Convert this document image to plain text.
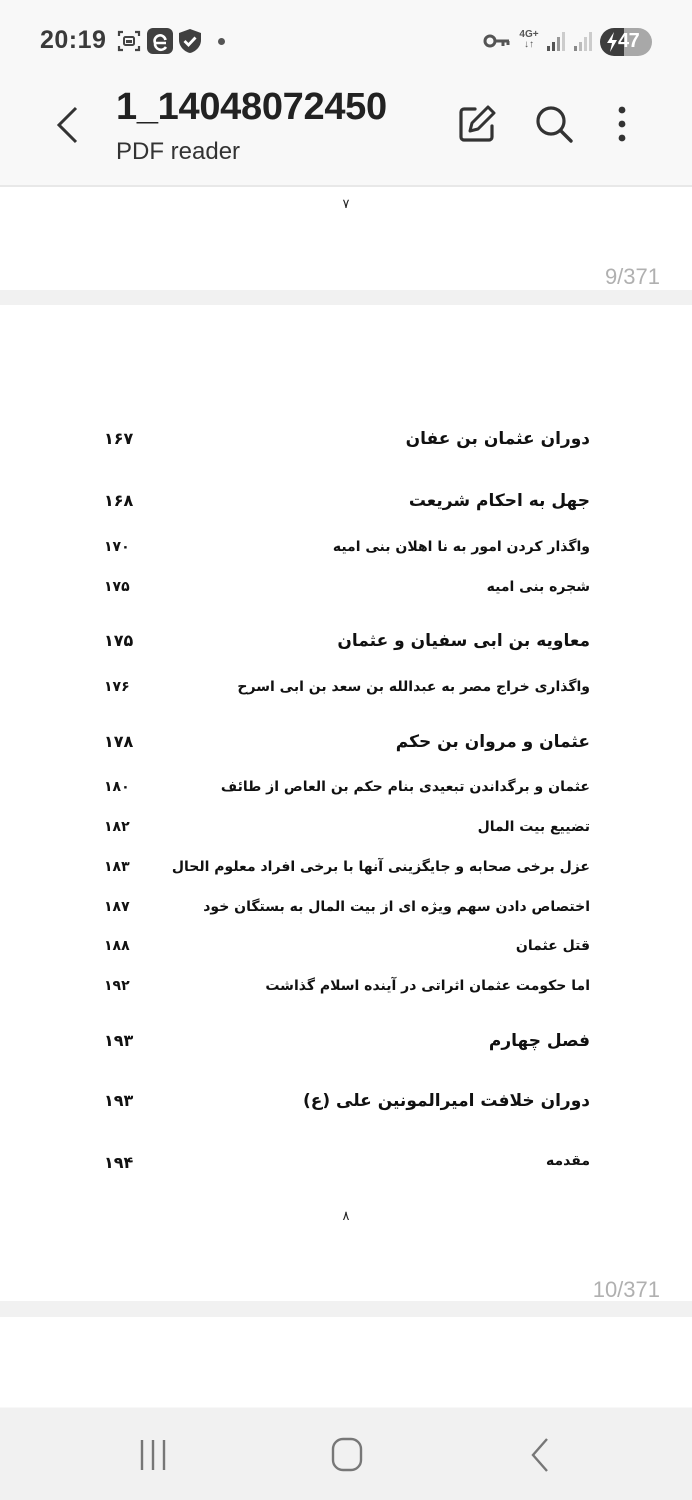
20:19	4G+
↓↑	47
1_14048072450
PDF reader
۷
9/371
دوران عثمان بن عفان
۱۶۷
جهل به احکام شریعت
۱۶۸
واگذار کردن امور به نا اهلان بنی امیه
۱۷۰
شجره بنی امیه
۱۷۵
معاویه بن ابی سفیان و عثمان
۱۷۵
واگذاری خراج مصر به عبدالله بن سعد بن ابی اسرح
۱۷۶
عثمان و مروان بن حکم
۱۷۸
عثمان و برگداندن تبعیدی بنام حکم بن العاص از طائف
۱۸۰
تضییع بیت المال
۱۸۲
عزل برخی صحابه و جایگزینی آنها با برخی افراد معلوم الحال
۱۸۳
اختصاص دادن سهم ویژه ای از بیت المال به بستگان خود
۱۸۷
قتل عثمان
۱۸۸
اما حکومت عثمان اثراتی در آینده اسلام گذاشت
۱۹۲
فصل چهارم
۱۹۳
دوران خلافت امیرالمونین علی (ع)
۱۹۳
مقدمه
۱۹۴
۸
10/371
